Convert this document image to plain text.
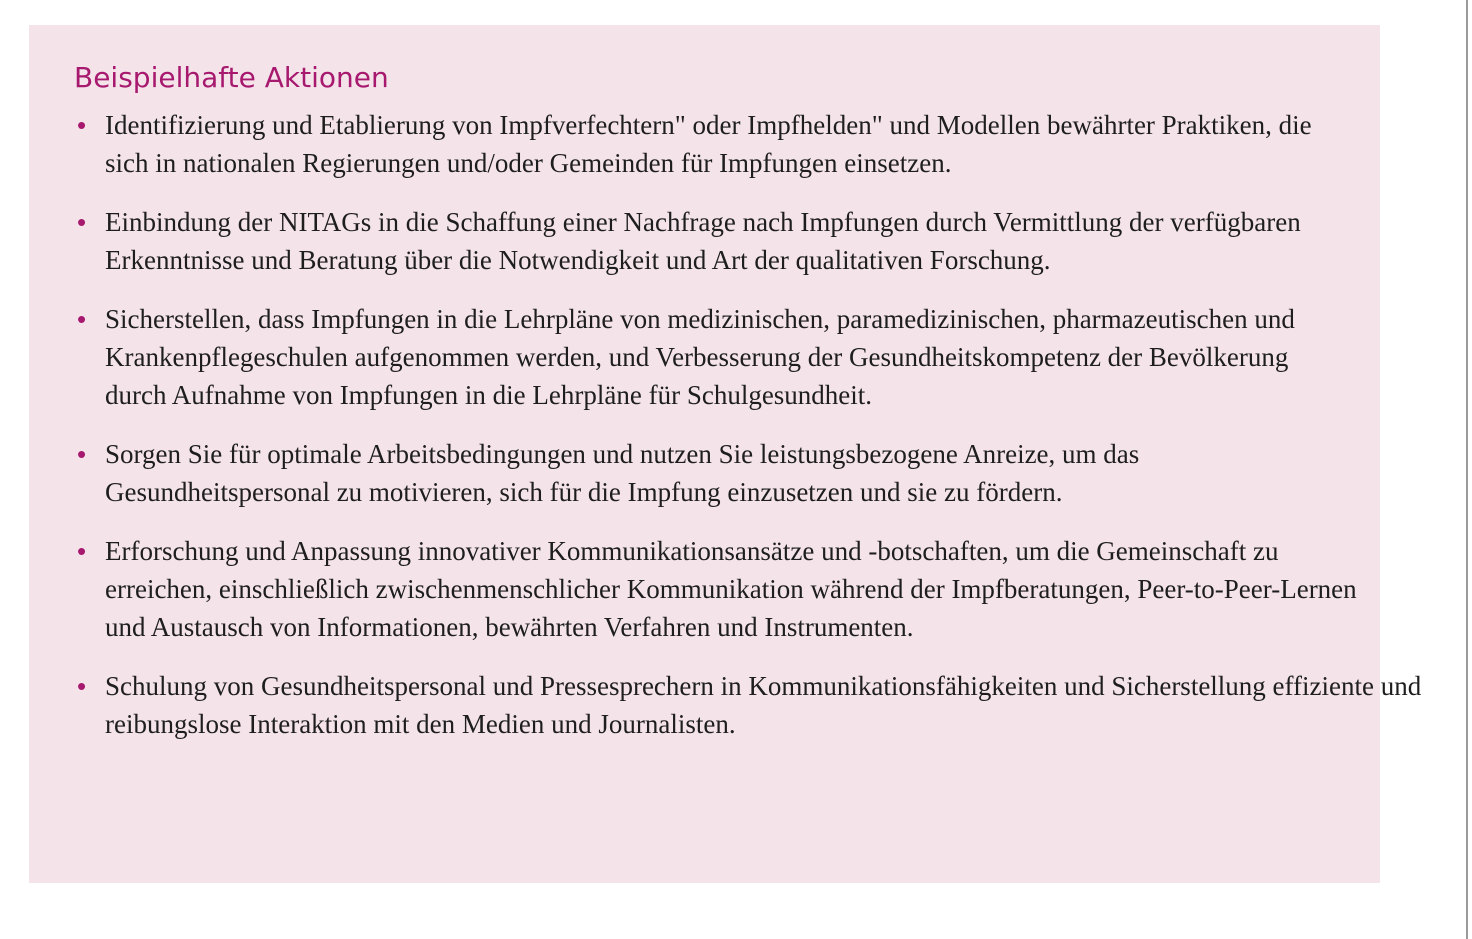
Beispielhafte Aktionen
• Identifizierung und Etablierung von Impfverfechtern" oder Impfhelden" und Modellen bewährter Praktiken, die sich in nationalen Regierungen und/oder Gemeinden für Impfungen einsetzen.
• Einbindung der NITAGs in die Schaffung einer Nachfrage nach Impfungen durch Vermittlung der verfügbaren Erkenntnisse und Beratung über die Notwendigkeit und Art der qualitativen Forschung.
• Sicherstellen, dass Impfungen in die Lehrpläne von medizinischen, paramedizinischen, pharmazeutischen und Krankenpflegeschulen aufgenommen werden, und Verbesserung der Gesundheitskompetenz der Bevölkerung durch Aufnahme von Impfungen in die Lehrpläne für Schulgesundheit.
• Sorgen Sie für optimale Arbeitsbedingungen und nutzen Sie leistungsbezogene Anreize, um das Gesundheitspersonal zu motivieren, sich für die Impfung einzusetzen und sie zu fördern.
• Erforschung und Anpassung innovativer Kommunikationsansätze und -botschaften, um die Gemeinschaft zu erreichen, einschließlich zwischenmenschlicher Kommunikation während der Impfberatungen, Peer-to-Peer-Lernen und Austausch von Informationen, bewährten Verfahren und Instrumenten.
• Schulung von Gesundheitspersonal und Pressesprechern in Kommunikationsfähigkeiten und Sicherstellung effiziente und reibungslose Interaktion mit den Medien und Journalisten.
